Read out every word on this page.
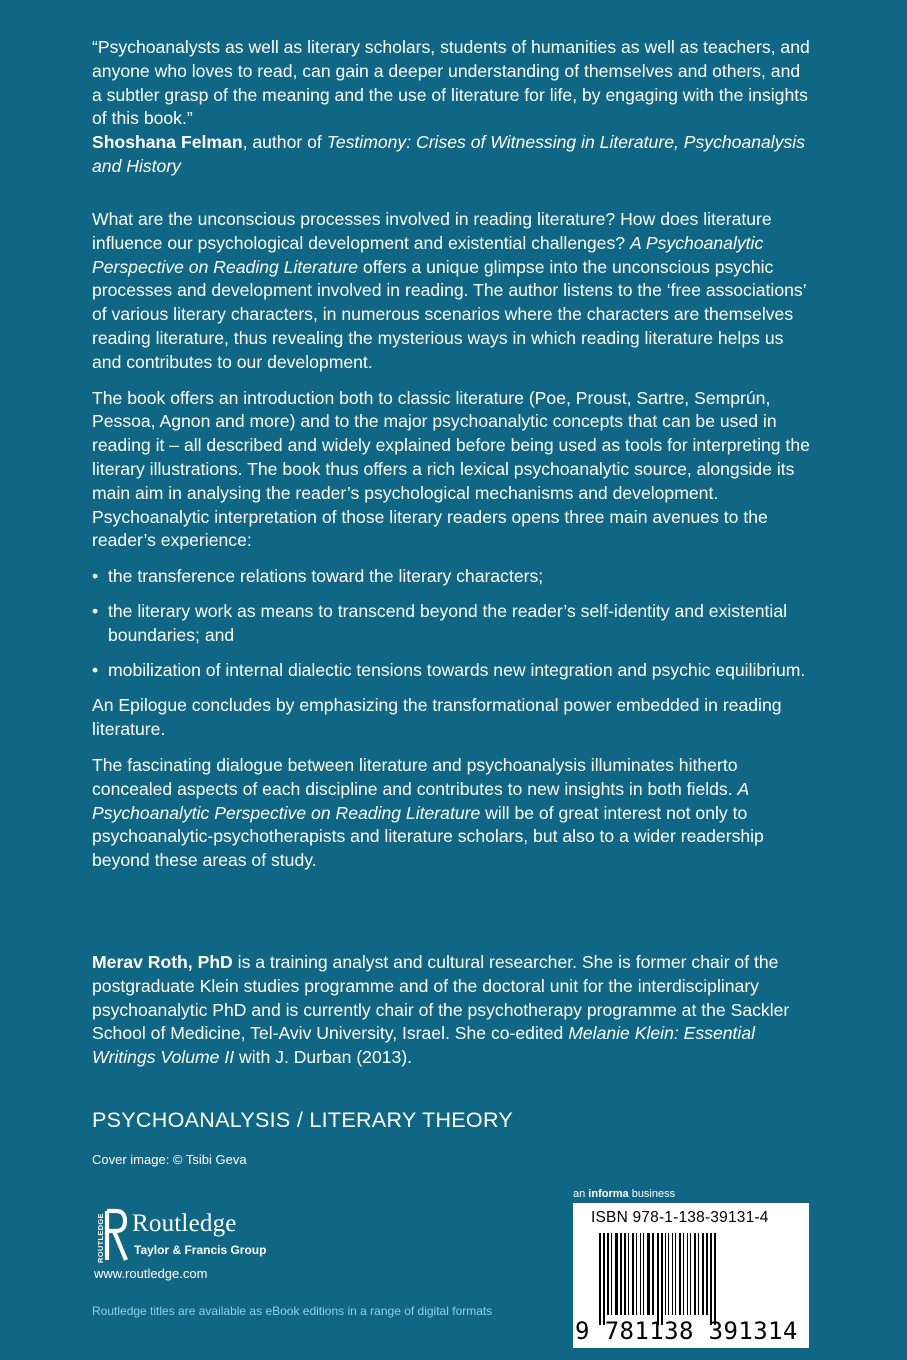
“Psychoanalysts as well as literary scholars, students of humanities as well as teachers, and anyone who loves to read, can gain a deeper understanding of themselves and others, and a subtler grasp of the meaning and the use of literature for life, by engaging with the insights of this book.”
Shoshana Felman, author of Testimony: Crises of Witnessing in Literature, Psychoanalysis and History

What are the unconscious processes involved in reading literature? How does literature influence our psychological development and existential challenges? A Psychoanalytic Perspective on Reading Literature offers a unique glimpse into the unconscious psychic processes and development involved in reading. The author listens to the ‘free associations’ of various literary characters, in numerous scenarios where the characters are themselves reading literature, thus revealing the mysterious ways in which reading literature helps us and contributes to our development.

The book offers an introduction both to classic literature (Poe, Proust, Sartre, Semprún, Pessoa, Agnon and more) and to the major psychoanalytic concepts that can be used in reading it – all described and widely explained before being used as tools for interpreting the literary illustrations. The book thus offers a rich lexical psychoanalytic source, alongside its main aim in analysing the reader’s psychological mechanisms and development. Psychoanalytic interpretation of those literary readers opens three main avenues to the reader’s experience:

• the transference relations toward the literary characters;
• the literary work as means to transcend beyond the reader’s self-identity and existential boundaries; and
• mobilization of internal dialectic tensions towards new integration and psychic equilibrium.

An Epilogue concludes by emphasizing the transformational power embedded in reading literature.

The fascinating dialogue between literature and psychoanalysis illuminates hitherto concealed aspects of each discipline and contributes to new insights in both fields. A Psychoanalytic Perspective on Reading Literature will be of great interest not only to psychoanalytic-psychotherapists and literature scholars, but also to a wider readership beyond these areas of study.

Merav Roth, PhD is a training analyst and cultural researcher. She is former chair of the postgraduate Klein studies programme and of the doctoral unit for the interdisciplinary psychoanalytic PhD and is currently chair of the psychotherapy programme at the Sackler School of Medicine, Tel-Aviv University, Israel. She co-edited Melanie Klein: Essential Writings Volume II with J. Durban (2013).

PSYCHOANALYSIS / LITERARY THEORY
Cover image: © Tsibi Geva
ROUTLEDGE Routledge
Taylor & Francis Group
www.routledge.com
Routledge titles are available as eBook editions in a range of digital formats
an informa business
ISBN 978-1-138-39131-4
9 781138 391314
